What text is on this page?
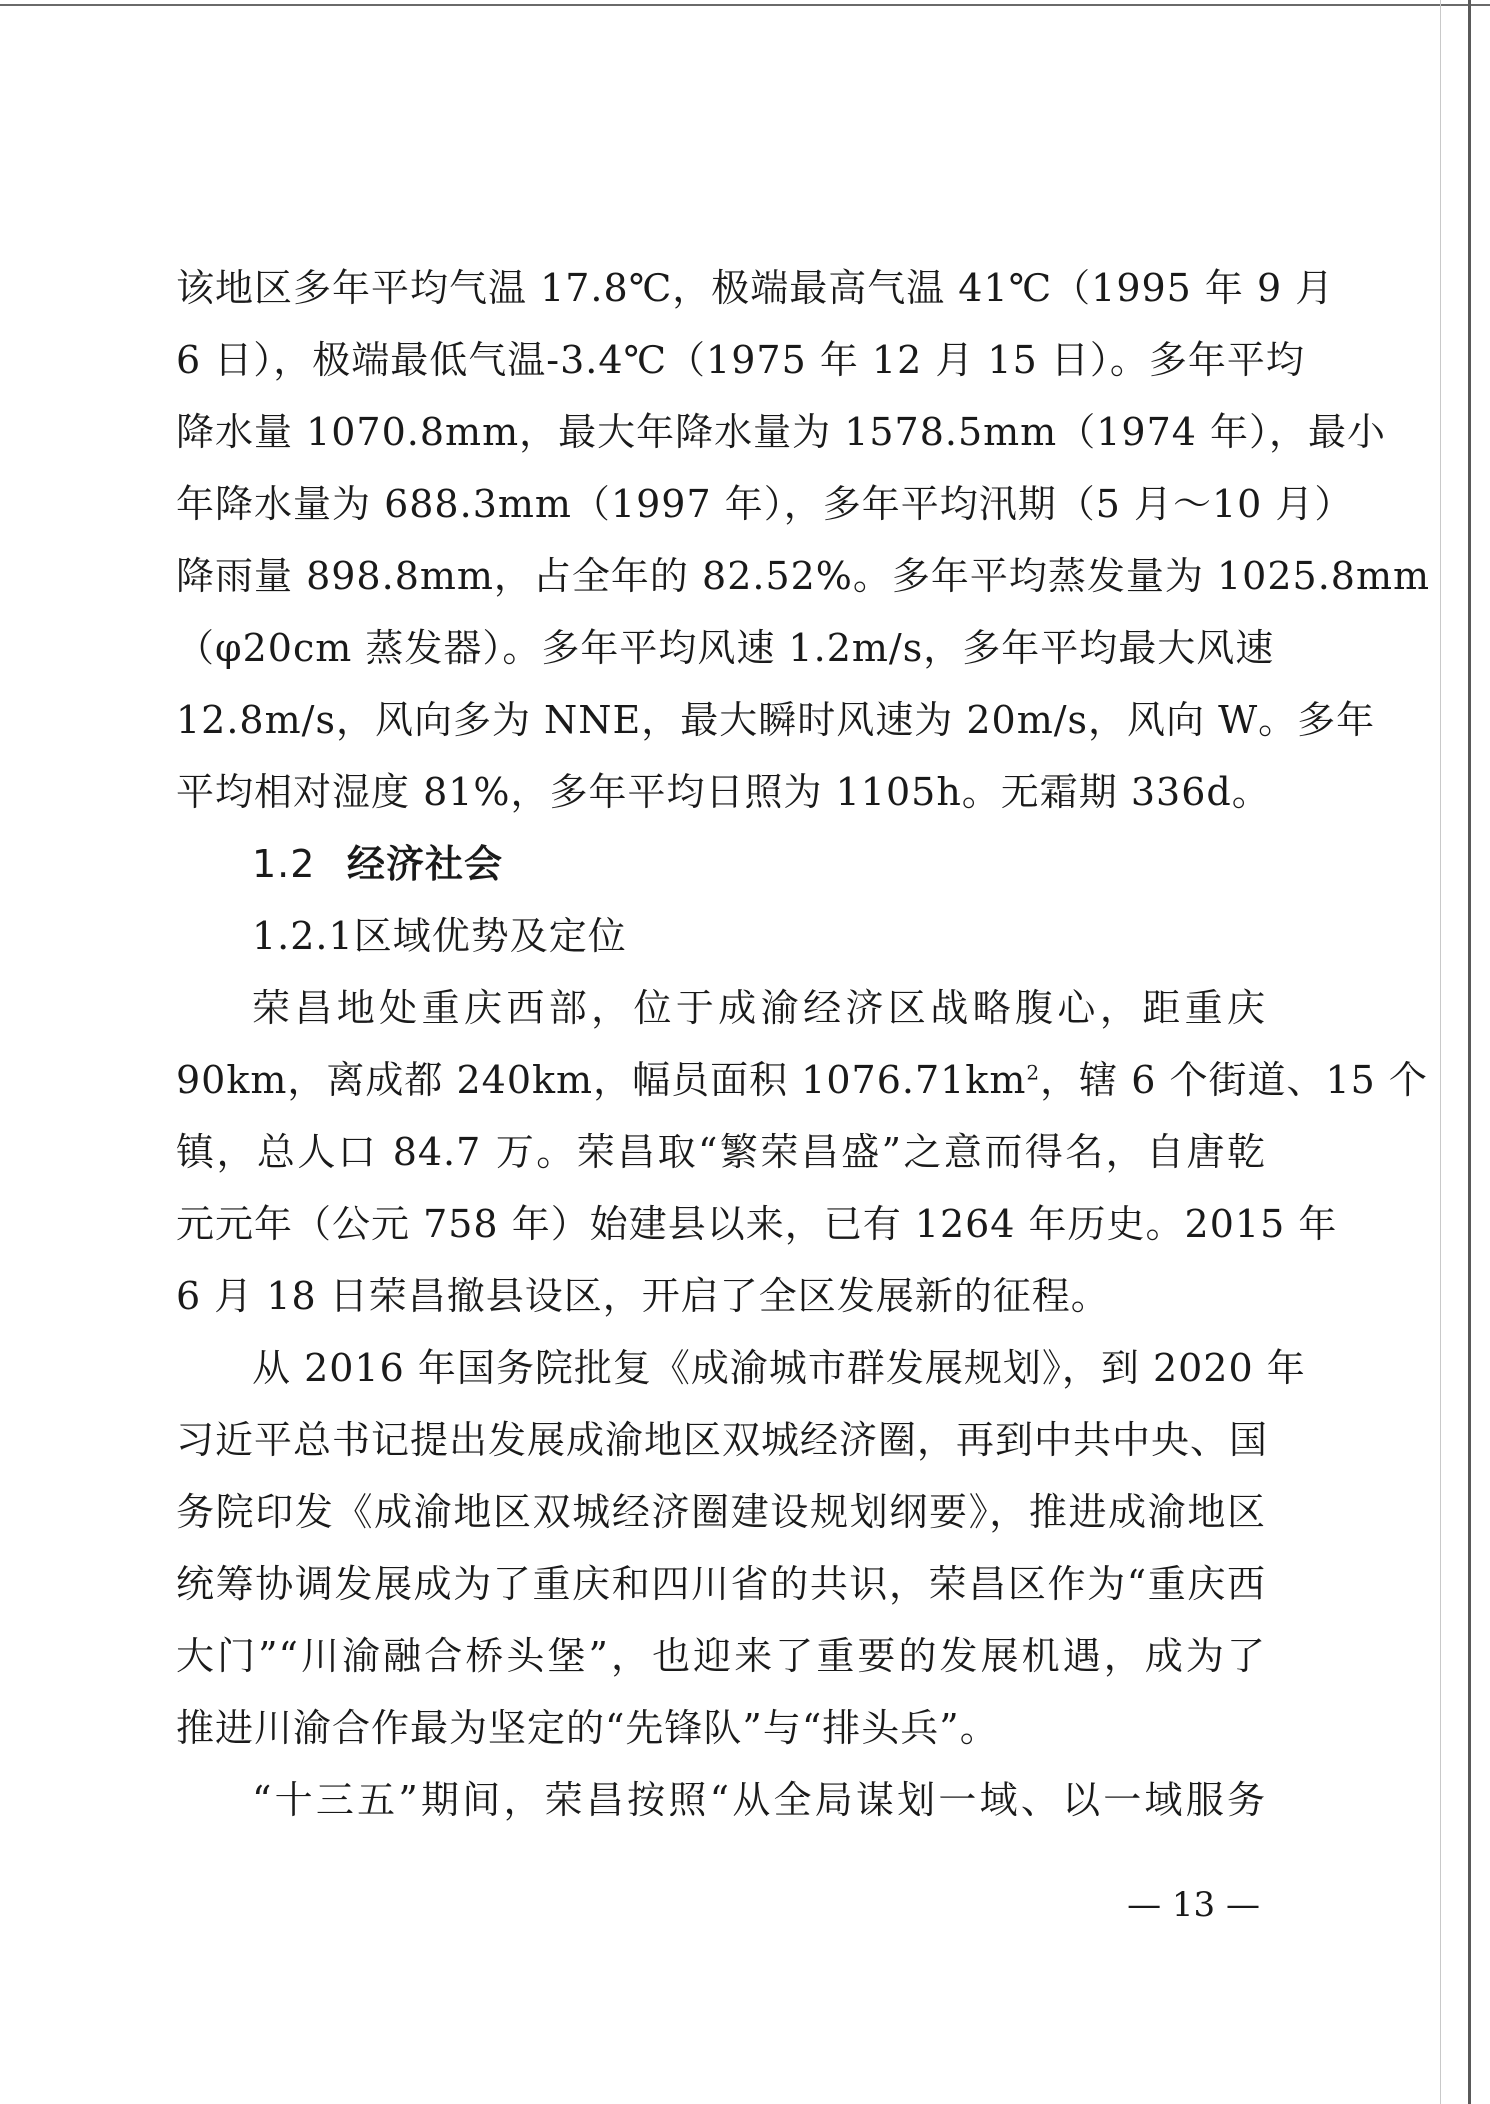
该地区多年平均气温 17.8℃，极端最高气温 41℃（1995 年 9 月
6 日），极端最低气温-3.4℃（1975 年 12 月 15 日）。多年平均
降水量 1070.8mm，最大年降水量为 1578.5mm（1974 年），最小
年降水量为 688.3mm（1997 年），多年平均汛期（5 月～10 月）
降雨量 898.8mm，占全年的 82.52%。多年平均蒸发量为 1025.8mm
（φ20cm 蒸发器）。多年平均风速 1.2m/s，多年平均最大风速
12.8m/s，风向多为 NNE，最大瞬时风速为 20m/s，风向 W。多年
平均相对湿度 81%，多年平均日照为 1105h。无霜期 336d。
1.2 经济社会
1.2.1区域优势及定位
荣昌地处重庆西部，位于成渝经济区战略腹心，距重庆
90km，离成都 240km，幅员面积 $1076.71km^2$，辖 6 个街道、15 个
镇，总人口 84.7 万。荣昌取“繁荣昌盛”之意而得名，自唐乾
元元年（公元 758 年）始建县以来，已有 1264 年历史。2015 年
6 月 18 日荣昌撤县设区，开启了全区发展新的征程。
从 2016 年国务院批复《成渝城市群发展规划》，到 2020 年
习近平总书记提出发展成渝地区双城经济圈，再到中共中央、国
务院印发《成渝地区双城经济圈建设规划纲要》，推进成渝地区
统筹协调发展成为了重庆和四川省的共识，荣昌区作为“重庆西
大门”“川渝融合桥头堡”，也迎来了重要的发展机遇，成为了
推进川渝合作最为坚定的“先锋队”与“排头兵”。
“十三五”期间，荣昌按照“从全局谋划一域、以一域服务
— 13 —
